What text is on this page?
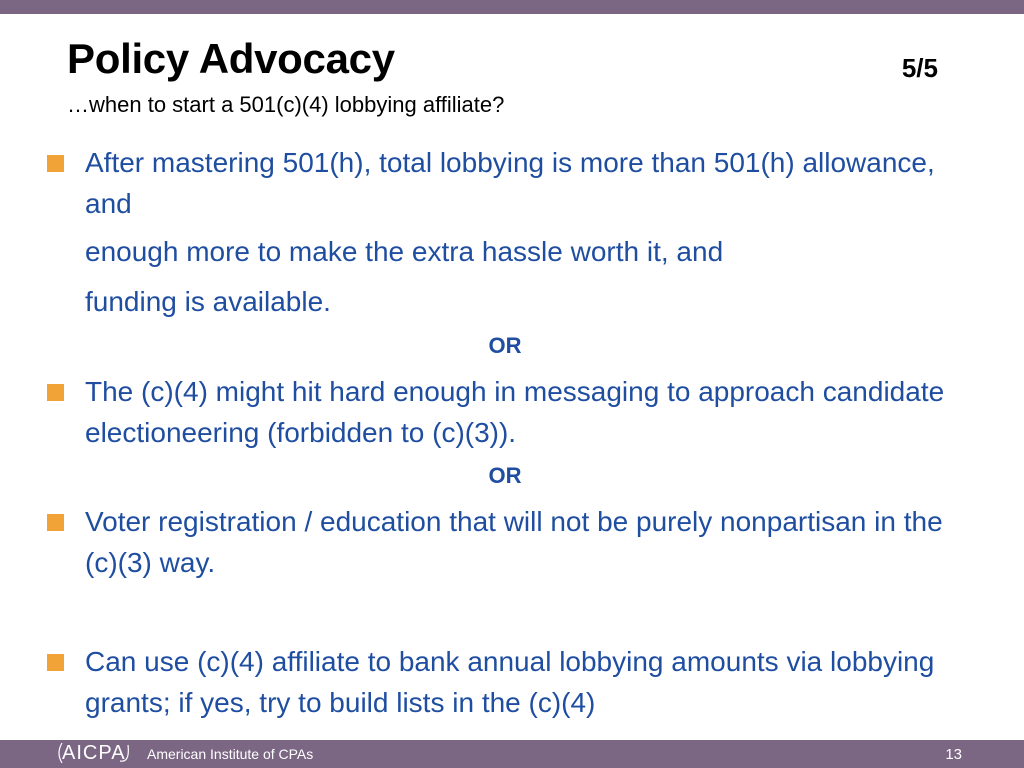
Policy Advocacy	5/5
…when to start a 501(c)(4) lobbying affiliate?
After mastering 501(h), total lobbying is more than 501(h) allowance, and
enough more to make the extra hassle worth it, and
funding is available.
OR
The (c)(4) might hit hard enough in messaging to approach candidate electioneering (forbidden to (c)(3)).
OR
Voter registration / education that will not be purely nonpartisan in the (c)(3) way.
Can use (c)(4) affiliate to bank annual lobbying amounts via lobbying grants; if yes, try to build lists in the (c)(4)
AICPA American Institute of CPAs	13
